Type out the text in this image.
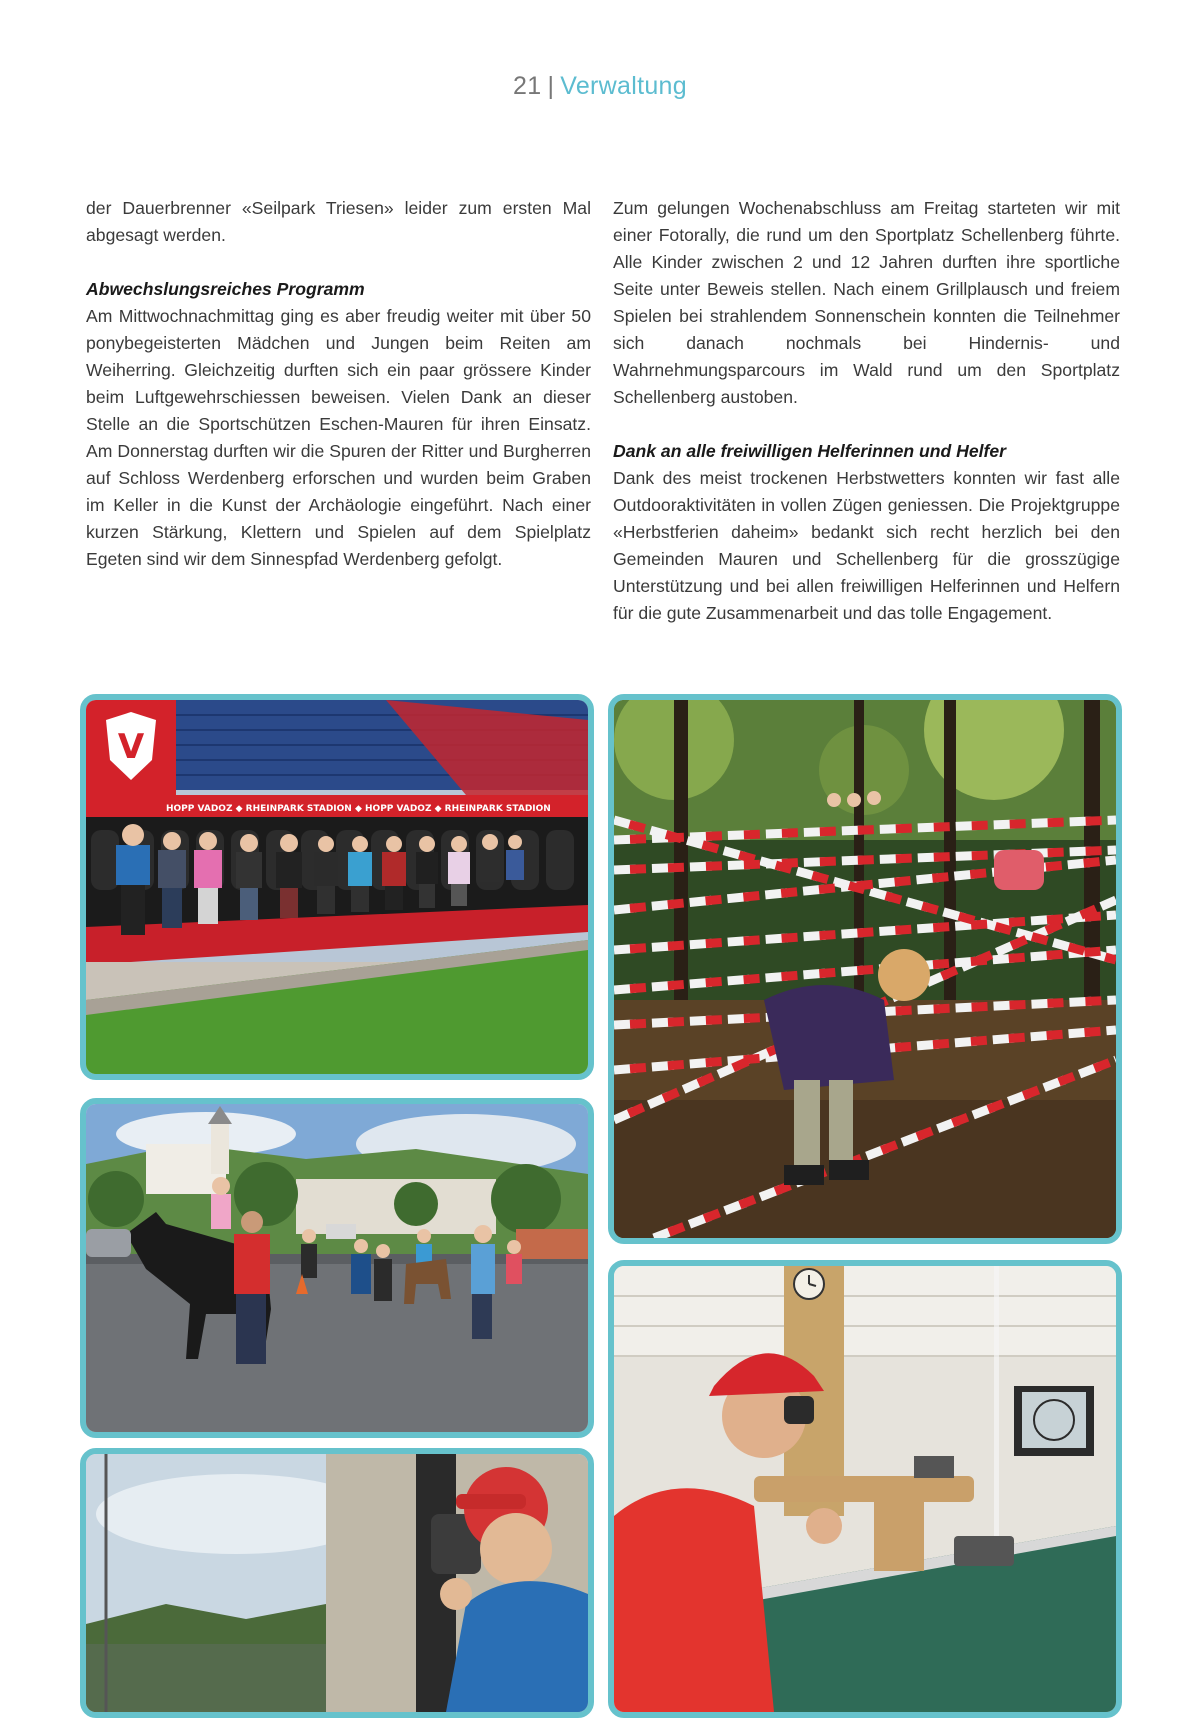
21 | Verwaltung

der Dauerbrenner «Seilpark Triesen» leider zum ersten Mal abgesagt werden.

Abwechslungsreiches Programm

Am Mittwochnachmittag ging es aber freudig weiter mit über 50 ponybegeisterten Mädchen und Jungen beim Reiten am Weiherring. Gleichzeitig durften sich ein paar grössere Kinder beim Luftgewehrschiessen beweisen. Vielen Dank an dieser Stelle an die Sportschützen Eschen-Mauren für ihren Einsatz. Am Donnerstag durften wir die Spuren der Ritter und Burgherren auf Schloss Werdenberg erforschen und wurden beim Graben im Keller in die Kunst der Archäologie eingeführt. Nach einer kurzen Stärkung, Klettern und Spielen auf dem Spielplatz Egeten sind wir dem Sinnespfad Werdenberg gefolgt.

Zum gelungen Wochenabschluss am Freitag starteten wir mit einer Fotorally, die rund um den Sportplatz Schellenberg führte. Alle Kinder zwischen 2 und 12 Jahren durften ihre sportliche Seite unter Beweis stellen. Nach einem Grillplausch und freiem Spielen bei strahlendem Sonnenschein konnten die Teilnehmer sich danach nochmals bei Hindernis- und Wahrnehmungsparcours im Wald rund um den Sportplatz Schellenberg austoben.

Dank an alle freiwilligen Helferinnen und Helfer

Dank des meist trockenen Herbstwetters konnten wir fast alle Outdooraktivitäten in vollen Zügen geniessen. Die Projektgruppe «Herbstferien daheim» bedankt sich recht herzlich bei den Gemeinden Mauren und Schellenberg für die grosszügige Unterstützung und bei allen freiwilligen Helferinnen und Helfern für die gute Zusammenarbeit und das tolle Engagement.

V
HOPP VADOZ ◆ RHEINPARK STADION ◆ HOPP VADOZ ◆ RHEINPARK STADION
